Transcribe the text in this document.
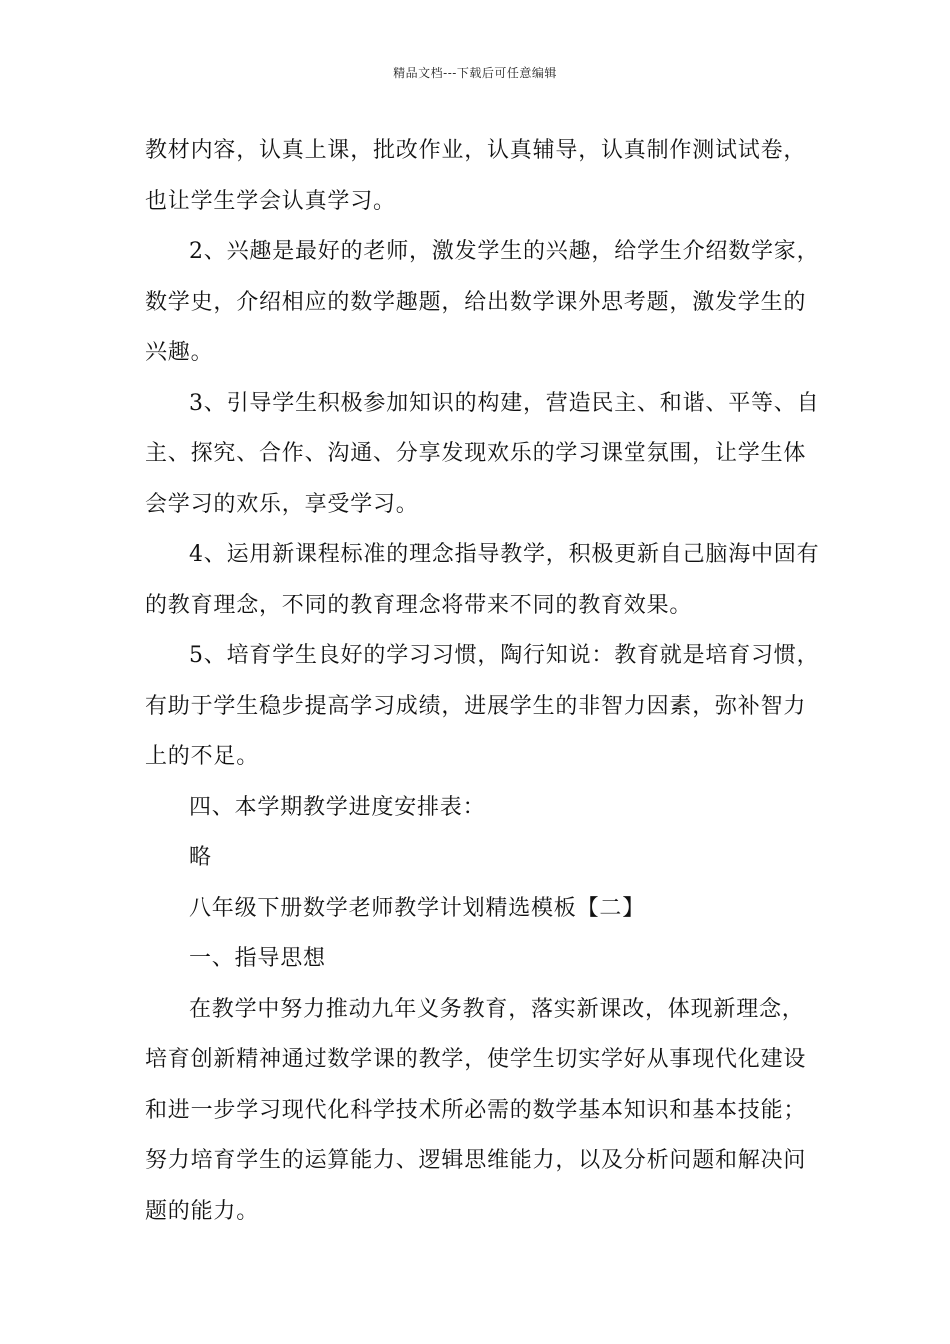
精品文档---下载后可任意编辑
教材内容，认真上课，批改作业，认真辅导，认真制作测试试卷，
也让学生学会认真学习。
2、兴趣是最好的老师，激发学生的兴趣，给学生介绍数学家，
数学史，介绍相应的数学趣题，给出数学课外思考题，激发学生的
兴趣。
3、引导学生积极参加知识的构建，营造民主、和谐、平等、自
主、探究、合作、沟通、分享发现欢乐的学习课堂氛围，让学生体
会学习的欢乐，享受学习。
4、运用新课程标准的理念指导教学，积极更新自己脑海中固有
的教育理念，不同的教育理念将带来不同的教育效果。
5、培育学生良好的学习习惯，陶行知说：教育就是培育习惯，
有助于学生稳步提高学习成绩，进展学生的非智力因素，弥补智力
上的不足。
四、本学期教学进度安排表：
略
八年级下册数学老师教学计划精选模板【二】
一、指导思想
在教学中努力推动九年义务教育，落实新课改，体现新理念，
培育创新精神通过数学课的教学，使学生切实学好从事现代化建设
和进一步学习现代化科学技术所必需的数学基本知识和基本技能；
努力培育学生的运算能力、逻辑思维能力，以及分析问题和解决问
题的能力。
